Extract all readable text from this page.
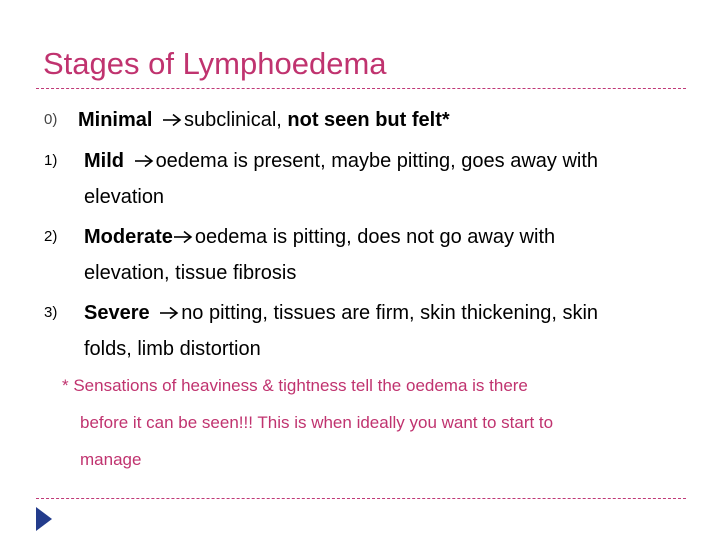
Stages of Lymphoedema
0) Minimal subclinical, not seen but felt*
1) Mild oedema is present, maybe pitting, goes away with
elevation
2) Moderate oedema is pitting, does not go away with
elevation, tissue fibrosis
3) Severe no pitting, tissues are firm, skin thickening, skin
folds, limb distortion
* Sensations of heaviness & tightness tell the oedema is there
before it can be seen!!! This is when ideally you want to start to
manage
